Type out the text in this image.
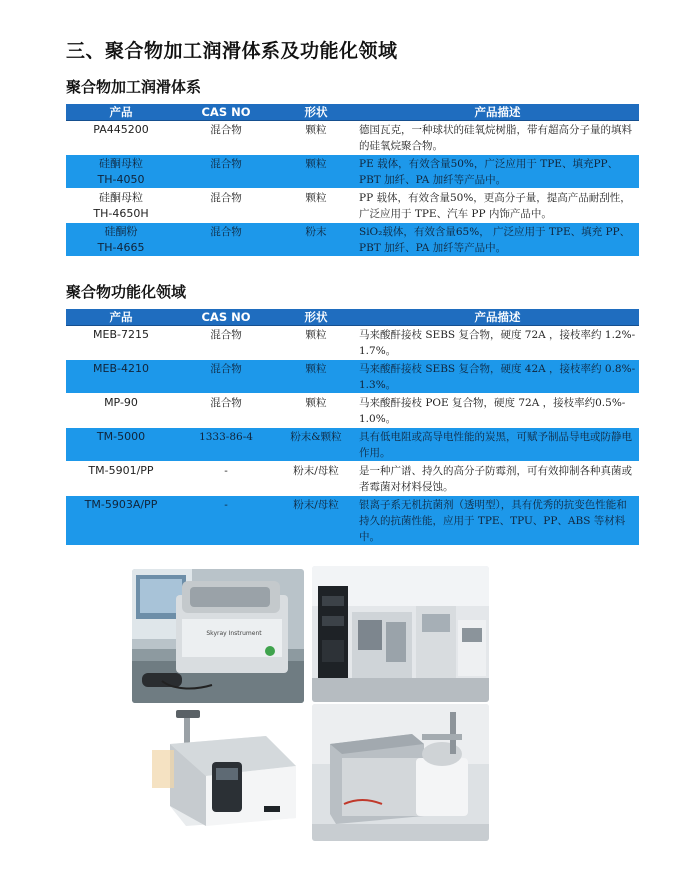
三、聚合物加工润滑体系及功能化领域
聚合物加工润滑体系
产品	CAS NO	形状	产品描述

PA445200	混合物	颗粒	德国瓦克，一种球状的硅氧烷树脂，带有超高分子量的填料的硅氧烷聚合物。

硅酮母粒
TH-4050	混合物	颗粒	PE 载体，有效含量50%，广泛应用于 TPE、填充PP、PBT 加纤、PA 加纤等产品中。

硅酮母粒
TH-4650H	混合物	颗粒	PP 载体，有效含量50%，更高分子量，提高产品耐刮性，广泛应用于 TPE、汽车 PP 内饰产品中。

硅酮粉
TH-4665	混合物	粉末	SiO₂载体，有效含量65%， 广泛应用于 TPE、填充 PP、PBT 加纤、PA 加纤等产品中。
聚合物功能化领域
产品	CAS NO	形状	产品描述

MEB-7215	混合物	颗粒	马来酸酐接枝 SEBS 复合物，硬度 72A ，接枝率约 1.2%- 1.7%。

MEB-4210	混合物	颗粒	马来酸酐接枝 SEBS 复合物，硬度 42A ，接枝率约 0.8%- 1.3%。

MP-90	混合物	颗粒	马来酸酐接枝 POE 复合物，硬度 72A ，接枝率约0.5%- 1.0%。

TM-5000	1333-86-4	粉末&颗粒	具有低电阻或高导电性能的炭黑，可赋予制品导电或防静电作用。

TM-5901/PP	-	粉末/母粒	是一种广谱、持久的高分子防霉剂，可有效抑制各种真菌或者霉菌对材料侵蚀。

TM-5903A/PP	-	粉末/母粒	银离子系无机抗菌剂（透明型），具有优秀的抗变色性能和持久的抗菌性能，应用于 TPE、TPU、PP、ABS 等材料中。
Skyray Instrument
